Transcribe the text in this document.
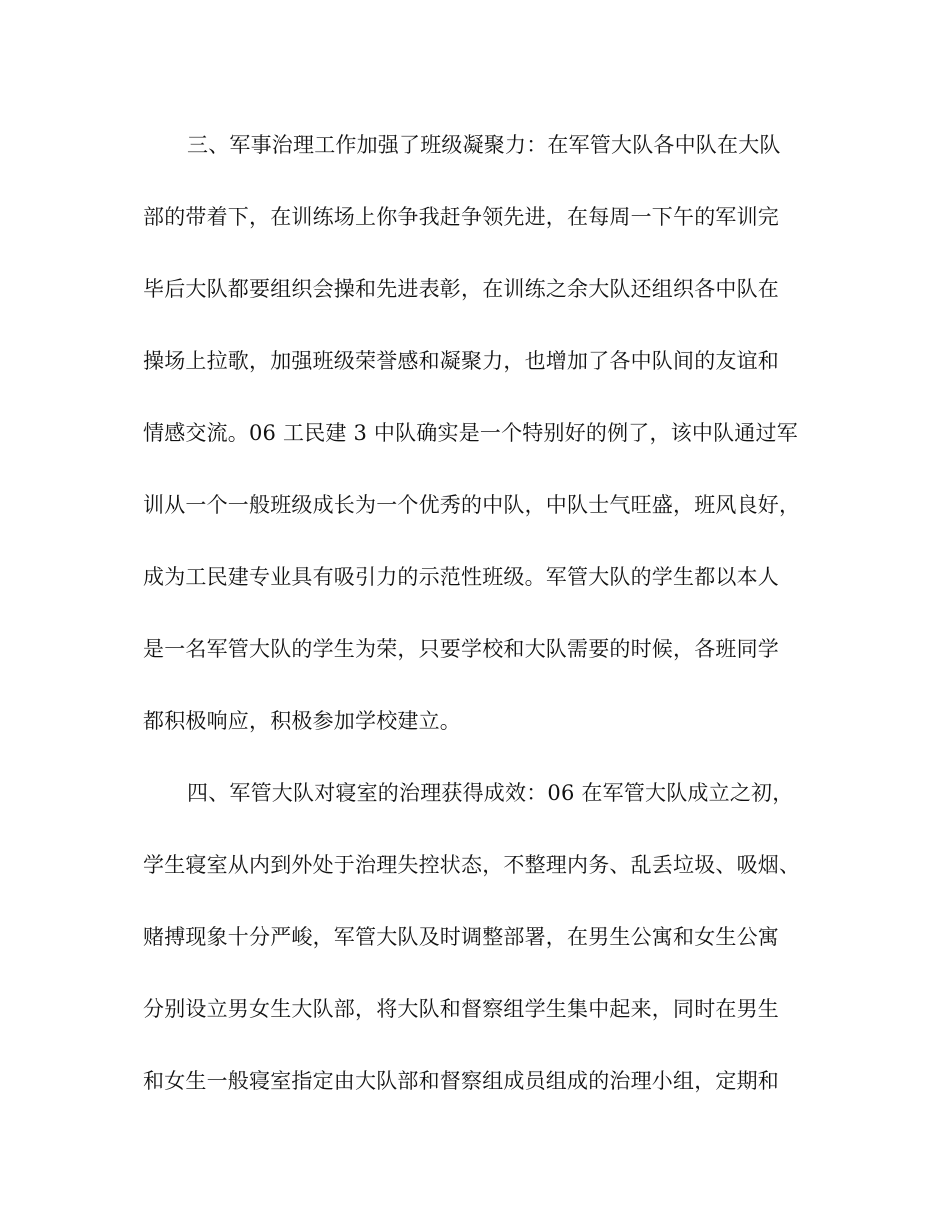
三、军事治理工作加强了班级凝聚力：在军管大队各中队在大队
部的带着下，在训练场上你争我赶争领先进，在每周一下午的军训完
毕后大队都要组织会操和先进表彰，在训练之余大队还组织各中队在
操场上拉歌，加强班级荣誉感和凝聚力，也增加了各中队间的友谊和
情感交流。06 工民建 3 中队确实是一个特别好的例了，该中队通过军
训从一个一般班级成长为一个优秀的中队，中队士气旺盛，班风良好，
成为工民建专业具有吸引力的示范性班级。军管大队的学生都以本人
是一名军管大队的学生为荣，只要学校和大队需要的时候，各班同学
都积极响应，积极参加学校建立。
四、军管大队对寝室的治理获得成效：06 在军管大队成立之初，
学生寝室从内到外处于治理失控状态，不整理内务、乱丢垃圾、吸烟、
赌搏现象十分严峻，军管大队及时调整部署，在男生公寓和女生公寓
分别设立男女生大队部，将大队和督察组学生集中起来，同时在男生
和女生一般寝室指定由大队部和督察组成员组成的治理小组，定期和
